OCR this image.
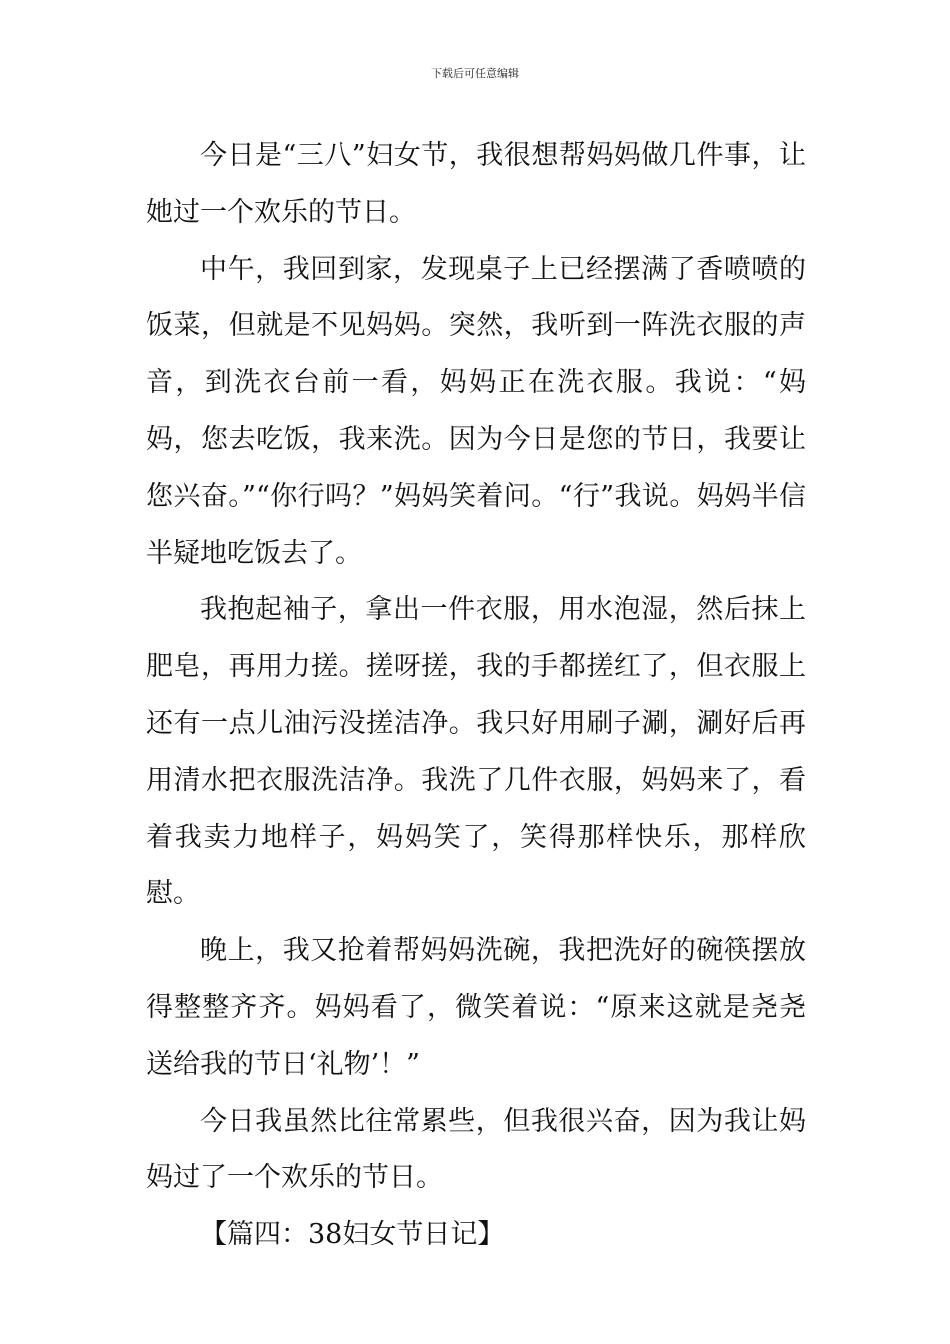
下载后可任意编辑

今日是“三八”妇女节，我很想帮妈妈做几件事，让她过一个欢乐的节日。

中午，我回到家，发现桌子上已经摆满了香喷喷的饭菜，但就是不见妈妈。突然，我听到一阵洗衣服的声音，到洗衣台前一看，妈妈正在洗衣服。我说：“妈妈，您去吃饭，我来洗。因为今日是您的节日，我要让您兴奋。”“你行吗？”妈妈笑着问。“行”我说。妈妈半信半疑地吃饭去了。

我抱起袖子，拿出一件衣服，用水泡湿，然后抹上肥皂，再用力搓。搓呀搓，我的手都搓红了，但衣服上还有一点儿油污没搓洁净。我只好用刷子涮，涮好后再用清水把衣服洗洁净。我洗了几件衣服，妈妈来了，看着我卖力地样子，妈妈笑了，笑得那样快乐，那样欣慰。

晚上，我又抢着帮妈妈洗碗，我把洗好的碗筷摆放得整整齐齐。妈妈看了，微笑着说：“原来这就是尧尧送给我的节日‘礼物’！”

今日我虽然比往常累些，但我很兴奋，因为我让妈妈过了一个欢乐的节日。

【篇四：38妇女节日记】
